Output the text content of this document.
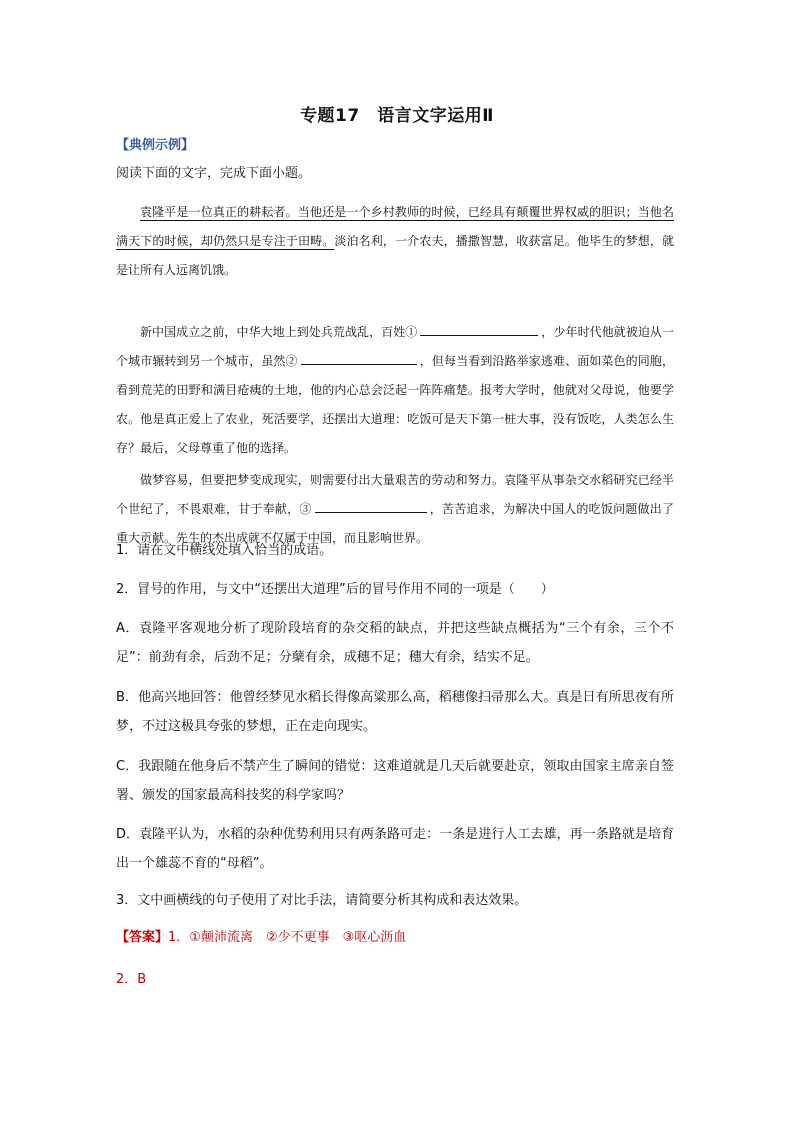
专题17　语言文字运用Ⅱ
【典例示例】
阅读下面的文字，完成下面小题。
袁隆平是一位真正的耕耘者。当他还是一个乡村教师的时候，已经具有颠覆世界权威的胆识；当他名满天下的时候，却仍然只是专注于田畴。淡泊名利，一介农夫，播撒智慧，收获富足。他毕生的梦想，就是让所有人远离饥饿。
新中国成立之前，中华大地上到处兵荒战乱，百姓①	，少年时代他就被迫从一个城市辗转到另一个城市，虽然②	，但每当看到沿路举家逃难、面如菜色的同胞，看到荒芜的田野和满目疮痍的土地，他的内心总会泛起一阵阵痛楚。报考大学时，他就对父母说，他要学农。他是真正爱上了农业，死活要学，还摆出大道理：吃饭可是天下第一桩大事，没有饭吃，人类怎么生存？最后，父母尊重了他的选择。
做梦容易，但要把梦变成现实，则需要付出大量艰苦的劳动和努力。袁隆平从事杂交水稻研究已经半个世纪了，不畏艰难，甘于奉献，③	，苦苦追求，为解决中国人的吃饭问题做出了重大贡献。先生的杰出成就不仅属于中国，而且影响世界。
1．请在文中横线处填入恰当的成语。
2．冒号的作用，与文中“还摆出大道理”后的冒号作用不同的一项是（　　）
A．袁隆平客观地分析了现阶段培育的杂交稻的缺点，并把这些缺点概括为“三个有余，三个不足”：前劲有余，后劲不足；分蘖有余，成穗不足；穗大有余，结实不足。
B．他高兴地回答：他曾经梦见水稻长得像高粱那么高，稻穗像扫帚那么大。真是日有所思夜有所梦，不过这极具夸张的梦想，正在走向现实。
C．我跟随在他身后不禁产生了瞬间的错觉：这难道就是几天后就要赴京，领取由国家主席亲自签署、颁发的国家最高科技奖的科学家吗？
D．袁隆平认为，水稻的杂种优势利用只有两条路可走：一条是进行人工去雄，再一条路就是培育出一个雄蕊不育的“母稻”。
3．文中画横线的句子使用了对比手法，请简要分析其构成和表达效果。
【答案】1．①颠沛流离　②少不更事　③呕心沥血
2．B
